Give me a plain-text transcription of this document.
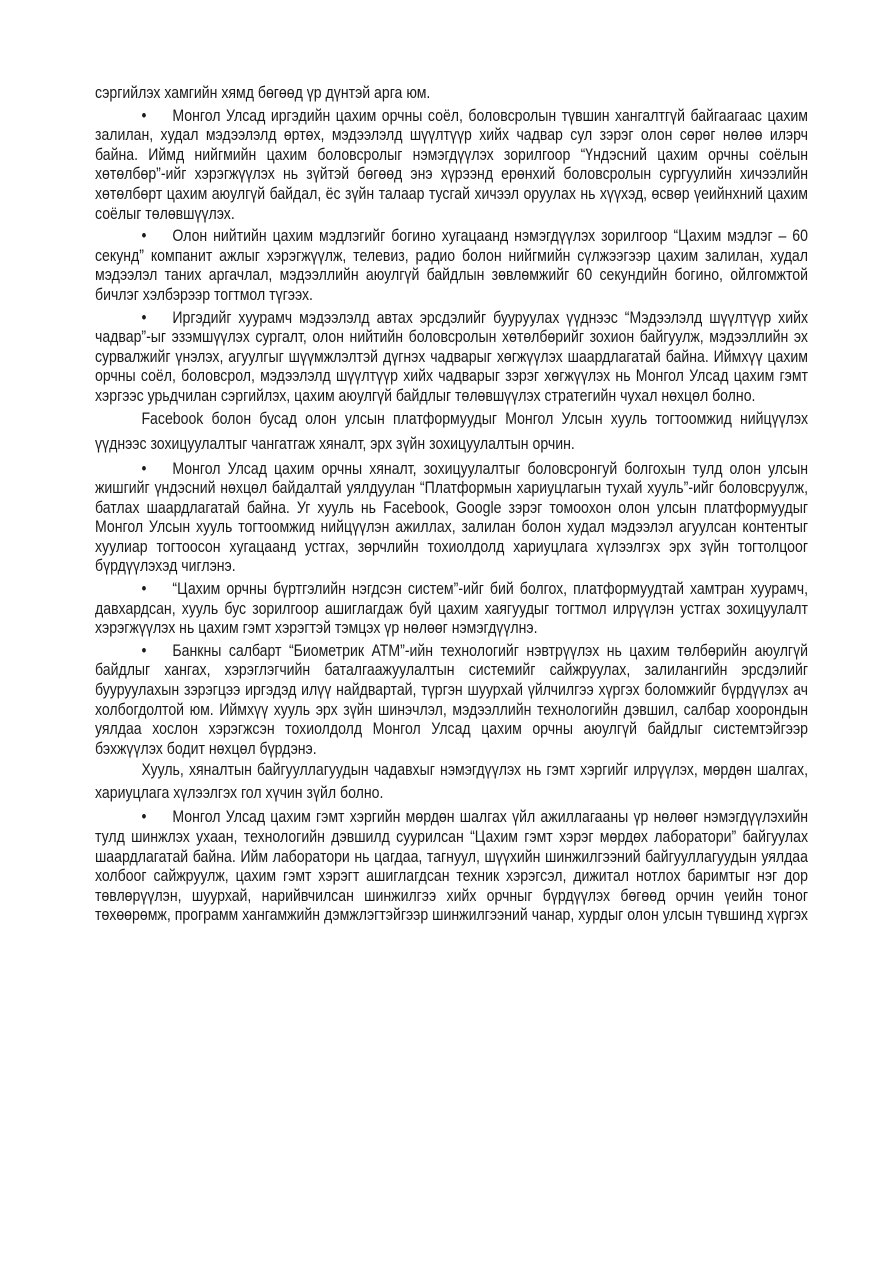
сэргийлэх хамгийн хямд бөгөөд үр дүнтэй арга юм.

• Монгол Улсад иргэдийн цахим орчны соёл, боловсролын түвшин хангалтгүй байгаагаас цахим залилан, худал мэдээлэлд өртөх, мэдээлэлд шүүлтүүр хийх чадвар сул зэрэг олон сөрөг нөлөө илэрч байна. Иймд нийгмийн цахим боловсролыг нэмэгдүүлэх зорилгоор “Үндэсний цахим орчны соёлын хөтөлбөр”-ийг хэрэгжүүлэх нь зүйтэй бөгөөд энэ хүрээнд ерөнхий боловсролын сургуулийн хичээлийн хөтөлбөрт цахим аюулгүй байдал, ёс зүйн талаар тусгай хичээл оруулах нь хүүхэд, өсвөр үеийнхний цахим соёлыг төлөвшүүлэх.

• Олон нийтийн цахим мэдлэгийг богино хугацаанд нэмэгдүүлэх зорилгоор “Цахим мэдлэг – 60 секунд” компанит ажлыг хэрэгжүүлж, телевиз, радио болон нийгмийн сүлжээгээр цахим залилан, худал мэдээлэл таних аргачлал, мэдээллийн аюулгүй байдлын зөвлөмжийг 60 секундийн богино, ойлгомжтой бичлэг хэлбэрээр тогтмол түгээх.

• Иргэдийг хуурамч мэдээлэлд автах эрсдэлийг бууруулах үүднээс “Мэдээлэлд шүүлтүүр хийх чадвар”-ыг эзэмшүүлэх сургалт, олон нийтийн боловсролын хөтөлбөрийг зохион байгуулж, мэдээллийн эх сурвалжийг үнэлэх, агуулгыг шүүмжлэлтэй дүгнэх чадварыг хөгжүүлэх шаардлагатай байна. Иймхүү цахим орчны соёл, боловсрол, мэдээлэлд шүүлтүүр хийх чадварыг зэрэг хөгжүүлэх нь Монгол Улсад цахим гэмт хэргээс урьдчилан сэргийлэх, цахим аюулгүй байдлыг төлөвшүүлэх стратегийн чухал нөхцөл болно.

Facebook болон бусад олон улсын платформуудыг Монгол Улсын хууль тогтоомжид нийцүүлэх үүднээс зохицуулалтыг чангатгаж хяналт, эрх зүйн зохицуулалтын орчин.

• Монгол Улсад цахим орчны хяналт, зохицуулалтыг боловсронгуй болгохын тулд олон улсын жишгийг үндэсний нөхцөл байдалтай уялдуулан “Платформын хариуцлагын тухай хууль”-ийг боловсруулж, батлах шаардлагатай байна. Уг хууль нь Facebook, Google зэрэг томоохон олон улсын платформуудыг Монгол Улсын хууль тогтоомжид нийцүүлэн ажиллах, залилан болон худал мэдээлэл агуулсан контентыг хуулиар тогтоосон хугацаанд устгах, зөрчлийн тохиолдолд хариуцлага хүлээлгэх эрх зүйн тогтолцоог бүрдүүлэхэд чиглэнэ.

• “Цахим орчны бүртгэлийн нэгдсэн систем”-ийг бий болгох, платформуудтай хамтран хуурамч, давхардсан, хууль бус зорилгоор ашиглагдаж буй цахим хаягуудыг тогтмол илрүүлэн устгах зохицуулалт хэрэгжүүлэх нь цахим гэмт хэрэгтэй тэмцэх үр нөлөөг нэмэгдүүлнэ.

• Банкны салбарт “Биометрик АТМ”-ийн технологийг нэвтрүүлэх нь цахим төлбөрийн аюулгүй байдлыг хангах, хэрэглэгчийн баталгаажуулалтын системийг сайжруулах, залилангийн эрсдэлийг бууруулахын зэрэгцээ иргэдэд илүү найдвартай, түргэн шуурхай үйлчилгээ хүргэх боломжийг бүрдүүлэх ач холбогдолтой юм. Иймхүү хууль эрх зүйн шинэчлэл, мэдээллийн технологийн дэвшил, салбар хоорондын уялдаа хослон хэрэгжсэн тохиолдолд Монгол Улсад цахим орчны аюулгүй байдлыг системтэйгээр бэхжүүлэх бодит нөхцөл бүрдэнэ.

Хууль, хяналтын байгууллагуудын чадавхыг нэмэгдүүлэх нь гэмт хэргийг илрүүлэх, мөрдөн шалгах, хариуцлага хүлээлгэх гол хүчин зүйл болно.

• Монгол Улсад цахим гэмт хэргийн мөрдөн шалгах үйл ажиллагааны үр нөлөөг нэмэгдүүлэхийн тулд шинжлэх ухаан, технологийн дэвшилд суурилсан “Цахим гэмт хэрэг мөрдөх лаборатори” байгуулах шаардлагатай байна. Ийм лаборатори нь цагдаа, тагнуул, шүүхийн шинжилгээний байгууллагуудын уялдаа холбоог сайжруулж, цахим гэмт хэрэгт ашиглагдсан техник хэрэгсэл, дижитал нотлох баримтыг нэг дор төвлөрүүлэн, шуурхай, нарийвчилсан шинжилгээ хийх орчныг бүрдүүлэх бөгөөд орчин үеийн тоног төхөөрөмж, программ хангамжийн дэмжлэгтэйгээр шинжилгээний чанар, хурдыг олон улсын түвшинд хүргэх
